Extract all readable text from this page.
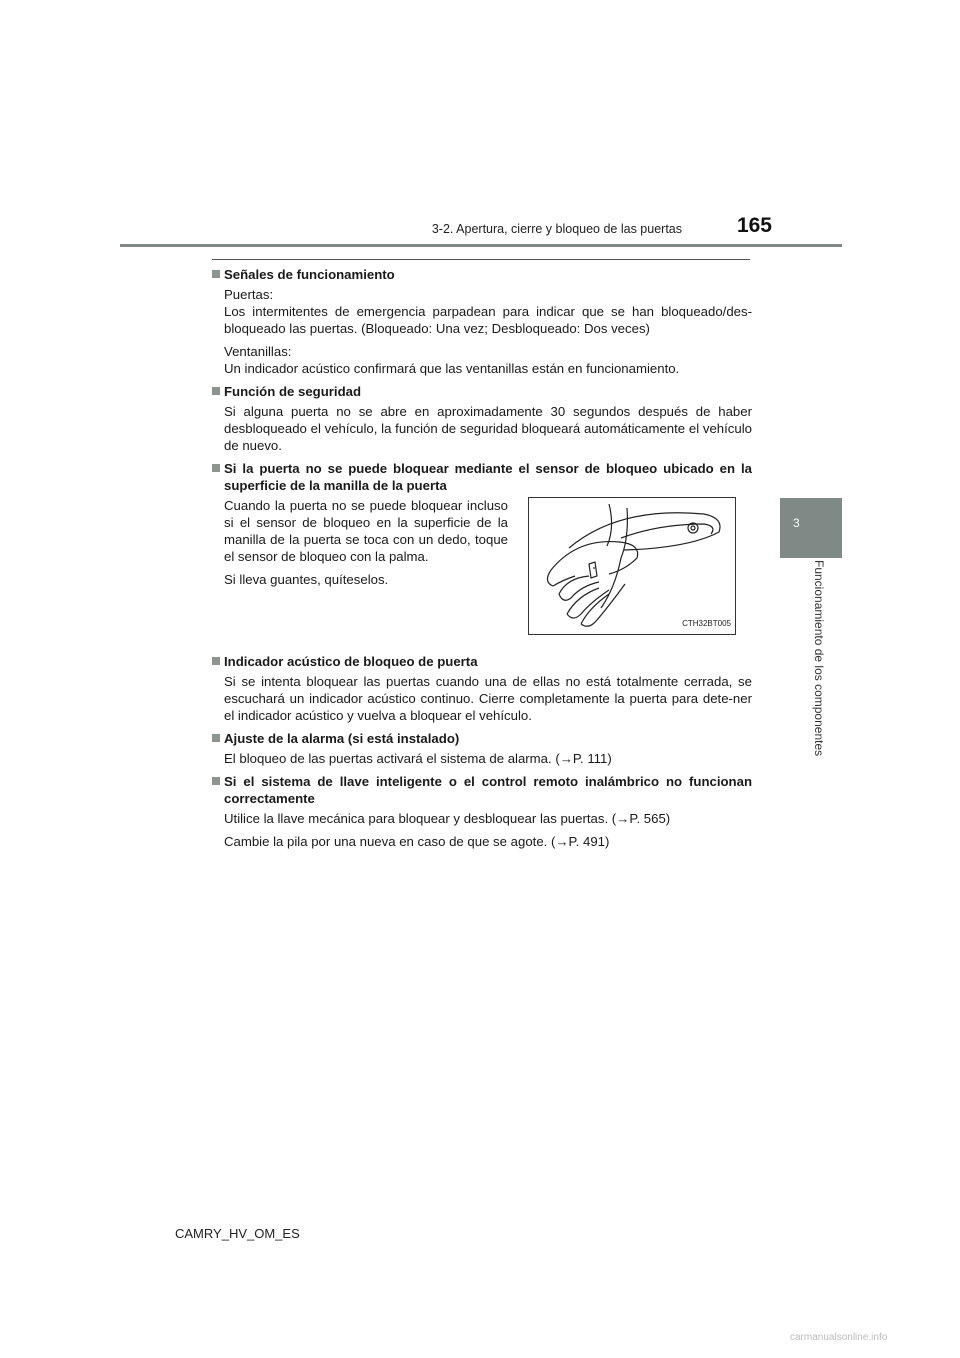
3-2. Apertura, cierre y bloqueo de las puertas	165
3
Funcionamiento de los componentes
Señales de funcionamiento

Puertas:
Los intermitentes de emergencia parpadean para indicar que se han bloqueado/des-bloqueado las puertas. (Bloqueado: Una vez; Desbloqueado: Dos veces)

Ventanillas:
Un indicador acústico confirmará que las ventanillas están en funcionamiento.

Función de seguridad

Si alguna puerta no se abre en aproximadamente 30 segundos después de haber desbloqueado el vehículo, la función de seguridad bloqueará automáticamente el vehículo de nuevo.

Si la puerta no se puede bloquear mediante el sensor de bloqueo ubicado en la superficie de la manilla de la puerta

Cuando la puerta no se puede bloquear incluso si el sensor de bloqueo en la superficie de la manilla de la puerta se toca con un dedo, toque el sensor de bloqueo con la palma.

Si lleva guantes, quíteselos.

CTH32BT005
Indicador acústico de bloqueo de puerta

Si se intenta bloquear las puertas cuando una de ellas no está totalmente cerrada, se escuchará un indicador acústico continuo. Cierre completamente la puerta para dete-ner el indicador acústico y vuelva a bloquear el vehículo.

Ajuste de la alarma (si está instalado)

El bloqueo de las puertas activará el sistema de alarma. (→P. 111)

Si el sistema de llave inteligente o el control remoto inalámbrico no funcionan correctamente

Utilice la llave mecánica para bloquear y desbloquear las puertas. (→P. 565)

Cambie la pila por una nueva en caso de que se agote. (→P. 491)

CAMRY_HV_OM_ES
carmanualsonline.info
